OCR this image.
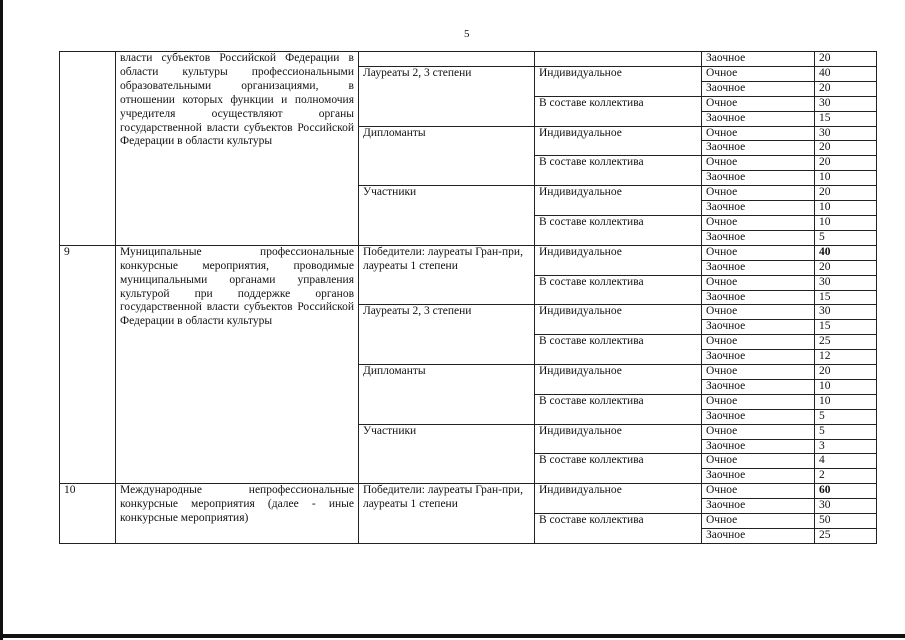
5
	власти субъектов Российской Федерации в области культуры профессиональными образовательными организациями, в отношении которых функции и полномочия учредителя осуществляют органы государственной власти субъектов Российской Федерации в области культуры			Заочное	20
		Лауреаты 2, 3 степени	Индивидуальное	Очное	40
				Заочное	20
			В составе коллектива	Очное	30
				Заочное	15
		Дипломанты	Индивидуальное	Очное	30
				Заочное	20
			В составе коллектива	Очное	20
				Заочное	10
		Участники	Индивидуальное	Очное	20
				Заочное	10
			В составе коллектива	Очное	10
				Заочное	5
9	Муниципальные профессиональные конкурсные мероприятия, проводимые муниципальными органами управления культурой при поддержке органов государственной власти субъектов Российской Федерации в области культуры	Победители: лауреаты Гран-при, лауреаты 1 степени	Индивидуальное	Очное	40
				Заочное	20
			В составе коллектива	Очное	30
				Заочное	15
		Лауреаты 2, 3 степени	Индивидуальное	Очное	30
				Заочное	15
			В составе коллектива	Очное	25
				Заочное	12
		Дипломанты	Индивидуальное	Очное	20
				Заочное	10
			В составе коллектива	Очное	10
				Заочное	5
		Участники	Индивидуальное	Очное	5
				Заочное	3
			В составе коллектива	Очное	4
				Заочное	2
10	Международные непрофессиональные конкурсные мероприятия (далее - иные конкурсные мероприятия)	Победители: лауреаты Гран-при, лауреаты 1 степени	Индивидуальное	Очное	60
				Заочное	30
			В составе коллектива	Очное	50
				Заочное	25
